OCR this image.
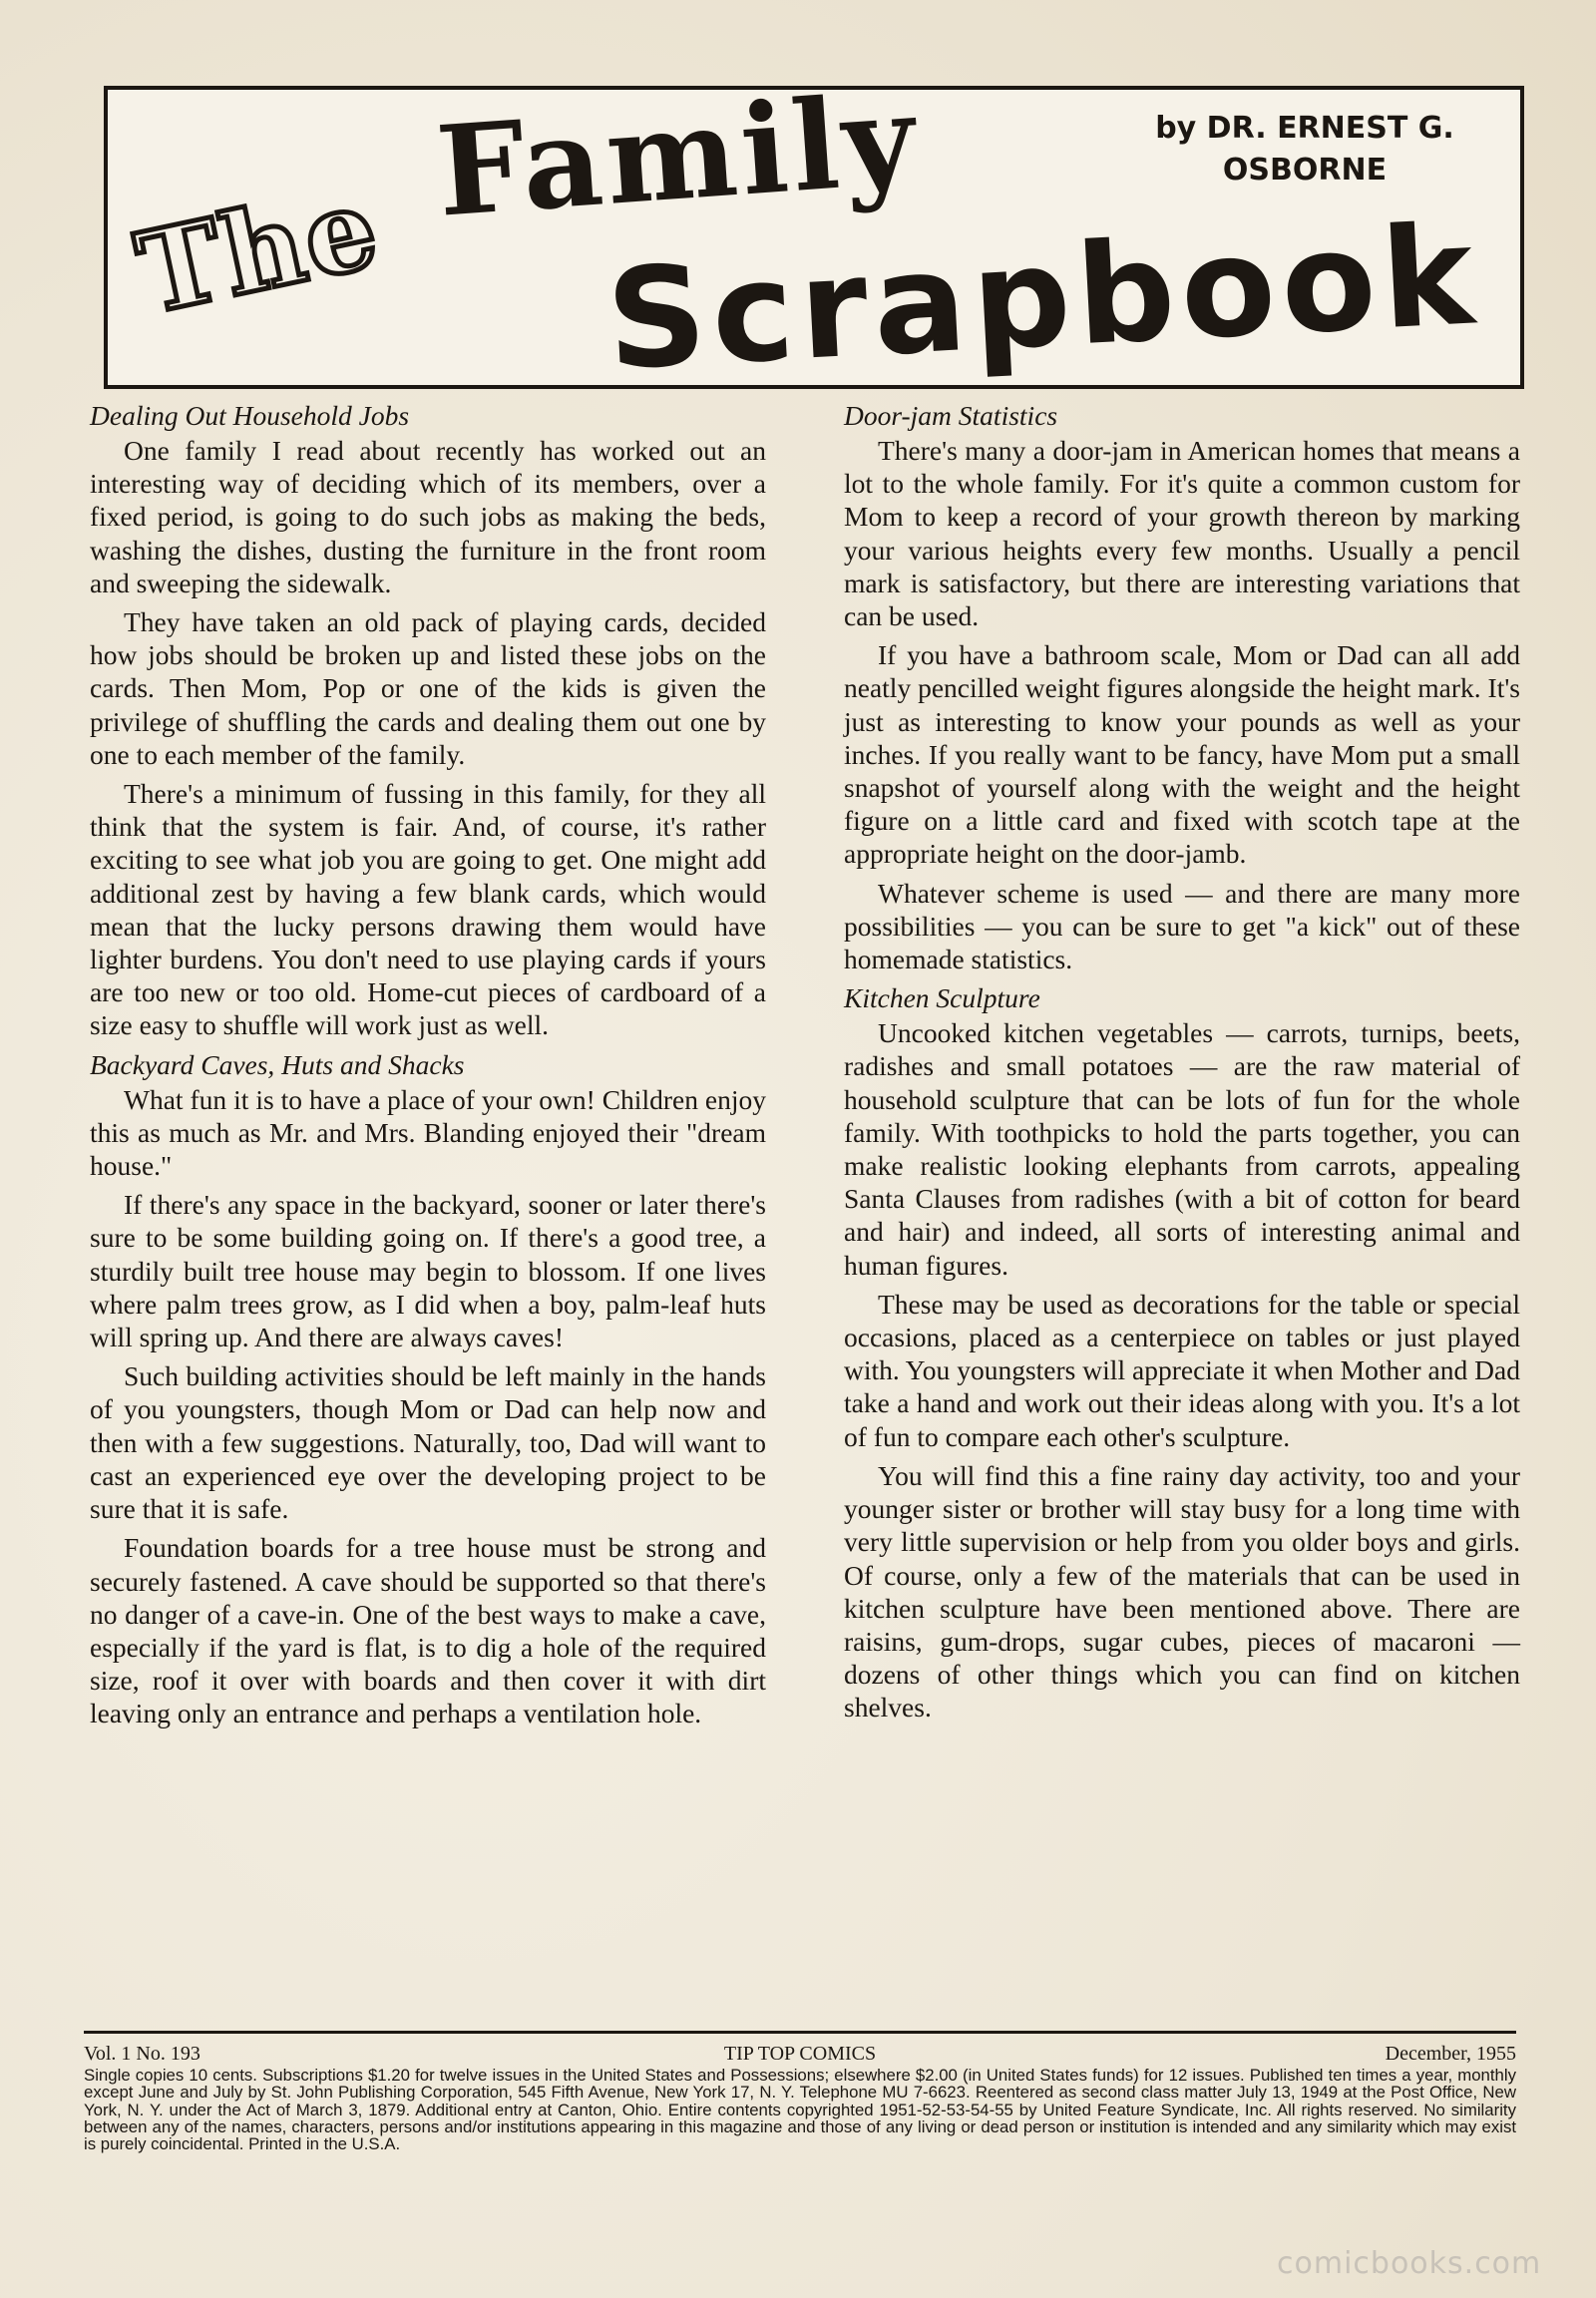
The
Family
Scrapbook
by DR. ERNEST G.
OSBORNE
Dealing Out Household Jobs

One family I read about recently has worked out an interesting way of deciding which of its members, over a fixed period, is going to do such jobs as making the beds, washing the dishes, dusting the furniture in the front room and sweeping the sidewalk.

They have taken an old pack of playing cards, decided how jobs should be broken up and listed these jobs on the cards. Then Mom, Pop or one of the kids is given the privilege of shuffling the cards and dealing them out one by one to each member of the family.

There's a minimum of fussing in this family, for they all think that the system is fair. And, of course, it's rather exciting to see what job you are going to get. One might add additional zest by having a few blank cards, which would mean that the lucky persons drawing them would have lighter burdens. You don't need to use playing cards if yours are too new or too old. Home-cut pieces of cardboard of a size easy to shuffle will work just as well.

Backyard Caves, Huts and Shacks

What fun it is to have a place of your own! Children enjoy this as much as Mr. and Mrs. Blanding enjoyed their "dream house."

If there's any space in the backyard, sooner or later there's sure to be some building going on. If there's a good tree, a sturdily built tree house may begin to blossom. If one lives where palm trees grow, as I did when a boy, palm-leaf huts will spring up. And there are always caves!

Such building activities should be left mainly in the hands of you youngsters, though Mom or Dad can help now and then with a few suggestions. Naturally, too, Dad will want to cast an experienced eye over the developing project to be sure that it is safe.

Foundation boards for a tree house must be strong and securely fastened. A cave should be supported so that there's no danger of a cave-in. One of the best ways to make a cave, especially if the yard is flat, is to dig a hole of the required size, roof it over with boards and then cover it with dirt leaving only an entrance and perhaps a ventilation hole.

Door-jam Statistics

There's many a door-jam in American homes that means a lot to the whole family. For it's quite a common custom for Mom to keep a record of your growth thereon by marking your various heights every few months. Usually a pencil mark is satisfactory, but there are interesting variations that can be used.

If you have a bathroom scale, Mom or Dad can all add neatly pencilled weight figures alongside the height mark. It's just as interesting to know your pounds as well as your inches. If you really want to be fancy, have Mom put a small snapshot of yourself along with the weight and the height figure on a little card and fixed with scotch tape at the appropriate height on the door-jamb.

Whatever scheme is used — and there are many more possibilities — you can be sure to get "a kick" out of these homemade statistics.

Kitchen Sculpture

Uncooked kitchen vegetables — carrots, turnips, beets, radishes and small potatoes — are the raw material of household sculpture that can be lots of fun for the whole family. With toothpicks to hold the parts together, you can make realistic looking elephants from carrots, appealing Santa Clauses from radishes (with a bit of cotton for beard and hair) and indeed, all sorts of interesting animal and human figures.

These may be used as decorations for the table or special occasions, placed as a centerpiece on tables or just played with. You youngsters will appreciate it when Mother and Dad take a hand and work out their ideas along with you. It's a lot of fun to compare each other's sculpture.

You will find this a fine rainy day activity, too and your younger sister or brother will stay busy for a long time with very little supervision or help from you older boys and girls. Of course, only a few of the materials that can be used in kitchen sculpture have been mentioned above. There are raisins, gum-drops, sugar cubes, pieces of macaroni — dozens of other things which you can find on kitchen shelves.

Vol. 1 No. 193	TIP TOP COMICS	December, 1955
Single copies 10 cents. Subscriptions $1.20 for twelve issues in the United States and Possessions; elsewhere $2.00 (in United States funds) for 12 issues. Published ten times a year, monthly except June and July by St. John Publishing Corporation, 545 Fifth Avenue, New York 17, N. Y. Telephone MU 7-6623. Reentered as second class matter July 13, 1949 at the Post Office, New York, N. Y. under the Act of March 3, 1879. Additional entry at Canton, Ohio. Entire contents copyrighted 1951-52-53-54-55 by United Feature Syndicate, Inc. All rights reserved. No similarity between any of the names, characters, persons and/or institutions appearing in this magazine and those of any living or dead person or institution is intended and any similarity which may exist is purely coincidental. Printed in the U.S.A.
comicbooks.com
